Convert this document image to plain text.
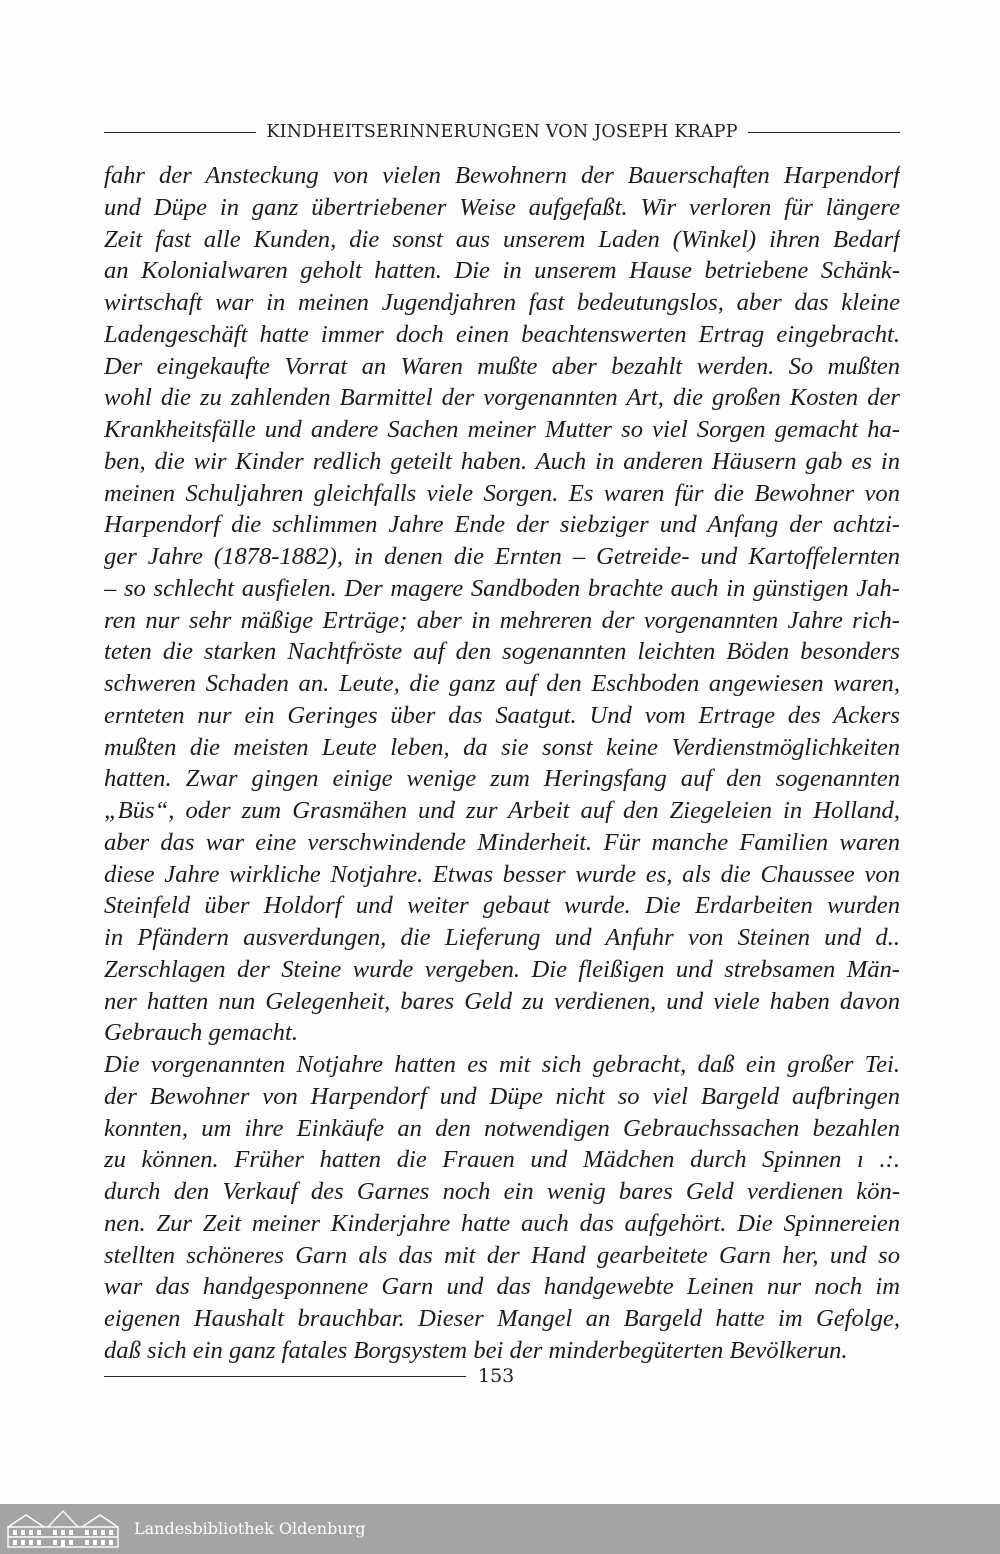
KINDHEITSERINNERUNGEN VON JOSEPH KRAPP
fahr der Ansteckung von vielen Bewohnern der Bauerschaften Harpendorf
und Düpe in ganz übertriebener Weise aufgefaßt. Wir verloren für längere
Zeit fast alle Kunden, die sonst aus unserem Laden (Winkel) ihren Bedarf
an Kolonialwaren geholt hatten. Die in unserem Hause betriebene Schänk-
wirtschaft war in meinen Jugendjahren fast bedeutungslos, aber das kleine
Ladengeschäft hatte immer doch einen beachtenswerten Ertrag eingebracht.
Der eingekaufte Vorrat an Waren mußte aber bezahlt werden. So mußten
wohl die zu zahlenden Barmittel der vorgenannten Art, die großen Kosten der
Krankheitsfälle und andere Sachen meiner Mutter so viel Sorgen gemacht ha-
ben, die wir Kinder redlich geteilt haben. Auch in anderen Häusern gab es in
meinen Schuljahren gleichfalls viele Sorgen. Es waren für die Bewohner von
Harpendorf die schlimmen Jahre Ende der siebziger und Anfang der achtzi-
ger Jahre (1878-1882), in denen die Ernten – Getreide- und Kartoffelernten
– so schlecht ausfielen. Der magere Sandboden brachte auch in günstigen Jah-
ren nur sehr mäßige Erträge; aber in mehreren der vorgenannten Jahre rich-
teten die starken Nachtfröste auf den sogenannten leichten Böden besonders
schweren Schaden an. Leute, die ganz auf den Eschboden angewiesen waren,
ernteten nur ein Geringes über das Saatgut. Und vom Ertrage des Ackers
mußten die meisten Leute leben, da sie sonst keine Verdienstmöglichkeiten
hatten. Zwar gingen einige wenige zum Heringsfang auf den sogenannten
„Büs“, oder zum Grasmähen und zur Arbeit auf den Ziegeleien in Holland,
aber das war eine verschwindende Minderheit. Für manche Familien waren
diese Jahre wirkliche Notjahre. Etwas besser wurde es, als die Chaussee von
Steinfeld über Holdorf und weiter gebaut wurde. Die Erdarbeiten wurden
in Pfändern ausverdungen, die Lieferung und Anfuhr von Steinen und d..
Zerschlagen der Steine wurde vergeben. Die fleißigen und strebsamen Män-
ner hatten nun Gelegenheit, bares Geld zu verdienen, und viele haben davon
Gebrauch gemacht.
Die vorgenannten Notjahre hatten es mit sich gebracht, daß ein großer Tei.
der Bewohner von Harpendorf und Düpe nicht so viel Bargeld aufbringen
konnten, um ihre Einkäufe an den notwendigen Gebrauchssachen bezahlen
zu können. Früher hatten die Frauen und Mädchen durch Spinnen ı .:.
durch den Verkauf des Garnes noch ein wenig bares Geld verdienen kön-
nen. Zur Zeit meiner Kinderjahre hatte auch das aufgehört. Die Spinnereien
stellten schöneres Garn als das mit der Hand gearbeitete Garn her, und so
war das handgesponnene Garn und das handgewebte Leinen nur noch im
eigenen Haushalt brauchbar. Dieser Mangel an Bargeld hatte im Gefolge,
daß sich ein ganz fatales Borgsystem bei der minderbegüterten Bevölkerun.
153
Landesbibliothek Oldenburg
